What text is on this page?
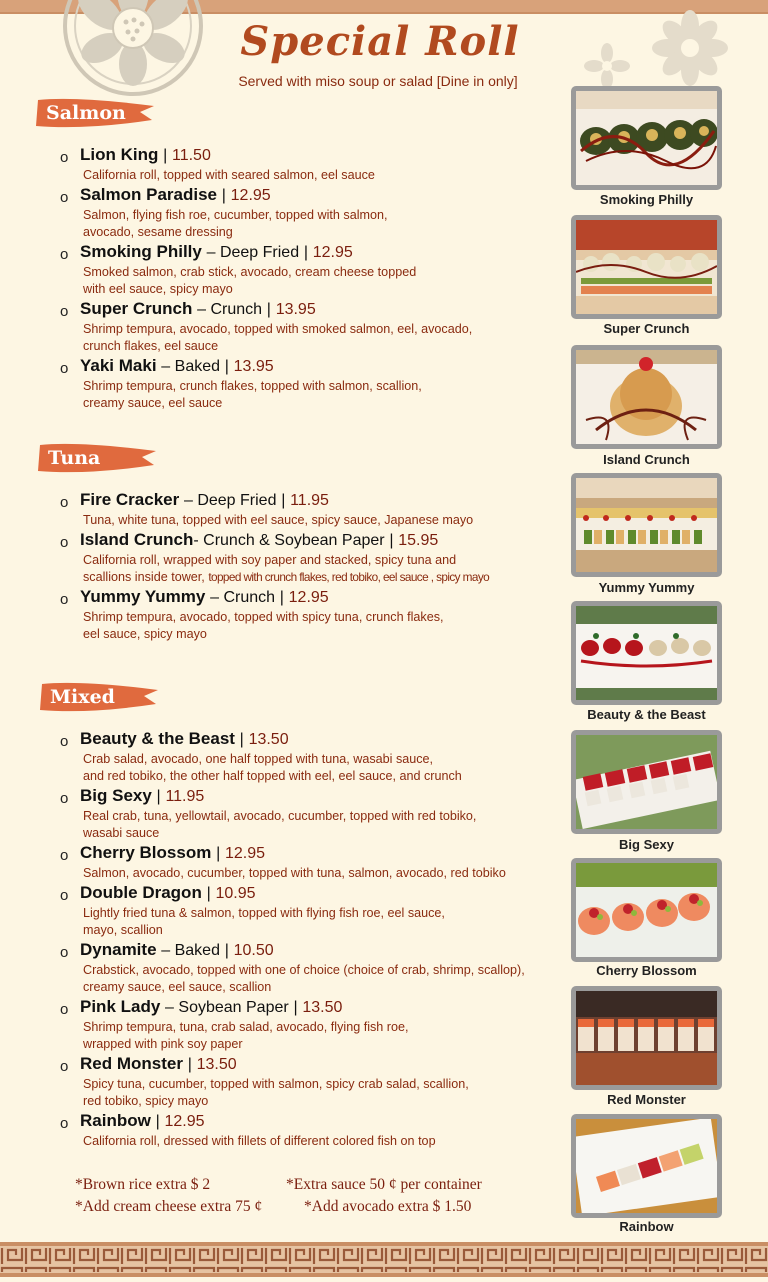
Special Roll
Served with miso soup or salad [Dine in only]
Salmon
Tuna
Mixed
o Lion King | 11.50
California roll, topped with seared salmon, eel sauce
o Salmon Paradise | 12.95
Salmon, flying fish roe, cucumber, topped with salmon,
avocado, sesame dressing
o Smoking Philly – Deep Fried | 12.95
Smoked salmon, crab stick, avocado, cream cheese topped
with eel sauce, spicy mayo
o Super Crunch – Crunch | 13.95
Shrimp tempura, avocado, topped with smoked salmon, eel, avocado,
crunch flakes, eel sauce
o Yaki Maki – Baked | 13.95
Shrimp tempura, crunch flakes, topped with salmon, scallion,
creamy sauce, eel sauce
o Fire Cracker – Deep Fried | 11.95
Tuna, white tuna, topped with eel sauce, spicy sauce, Japanese mayo
o Island Crunch- Crunch & Soybean Paper | 15.95
California roll, wrapped with soy paper and stacked, spicy tuna and
scallions inside tower, topped with crunch flakes, red tobiko, eel sauce , spicy mayo
o Yummy Yummy – Crunch | 12.95
Shrimp tempura, avocado, topped with spicy tuna, crunch flakes,
eel sauce, spicy mayo
o Beauty & the Beast | 13.50
Crab salad, avocado, one half topped with tuna, wasabi sauce,
and red tobiko, the other half topped with eel, eel sauce, and crunch
o Big Sexy | 11.95
Real crab, tuna, yellowtail, avocado, cucumber, topped with red tobiko,
wasabi sauce
o Cherry Blossom | 12.95
Salmon, avocado, cucumber, topped with tuna, salmon, avocado, red tobiko
o Double Dragon | 10.95
Lightly fried tuna & salmon, topped with flying fish roe, eel sauce,
mayo, scallion
o Dynamite – Baked | 10.50
Crabstick, avocado, topped with one of choice (choice of crab, shrimp, scallop),
creamy sauce, eel sauce, scallion
o Pink Lady – Soybean Paper | 13.50
Shrimp tempura, tuna, crab salad, avocado, flying fish roe,
wrapped with pink soy paper
o Red Monster | 13.50
Spicy tuna, cucumber, topped with salmon, spicy crab salad, scallion,
red tobiko, spicy mayo
o Rainbow | 12.95
California roll, dressed with fillets of different colored fish on top
Smoking Philly
Super Crunch
Island Crunch
Yummy Yummy
Beauty & the Beast
Big Sexy
Cherry Blossom
Red Monster
Rainbow
*Brown rice extra $ 2	*Extra sauce 50 ¢ per container
*Add cream cheese extra 75 ¢	*Add avocado extra $ 1.50
